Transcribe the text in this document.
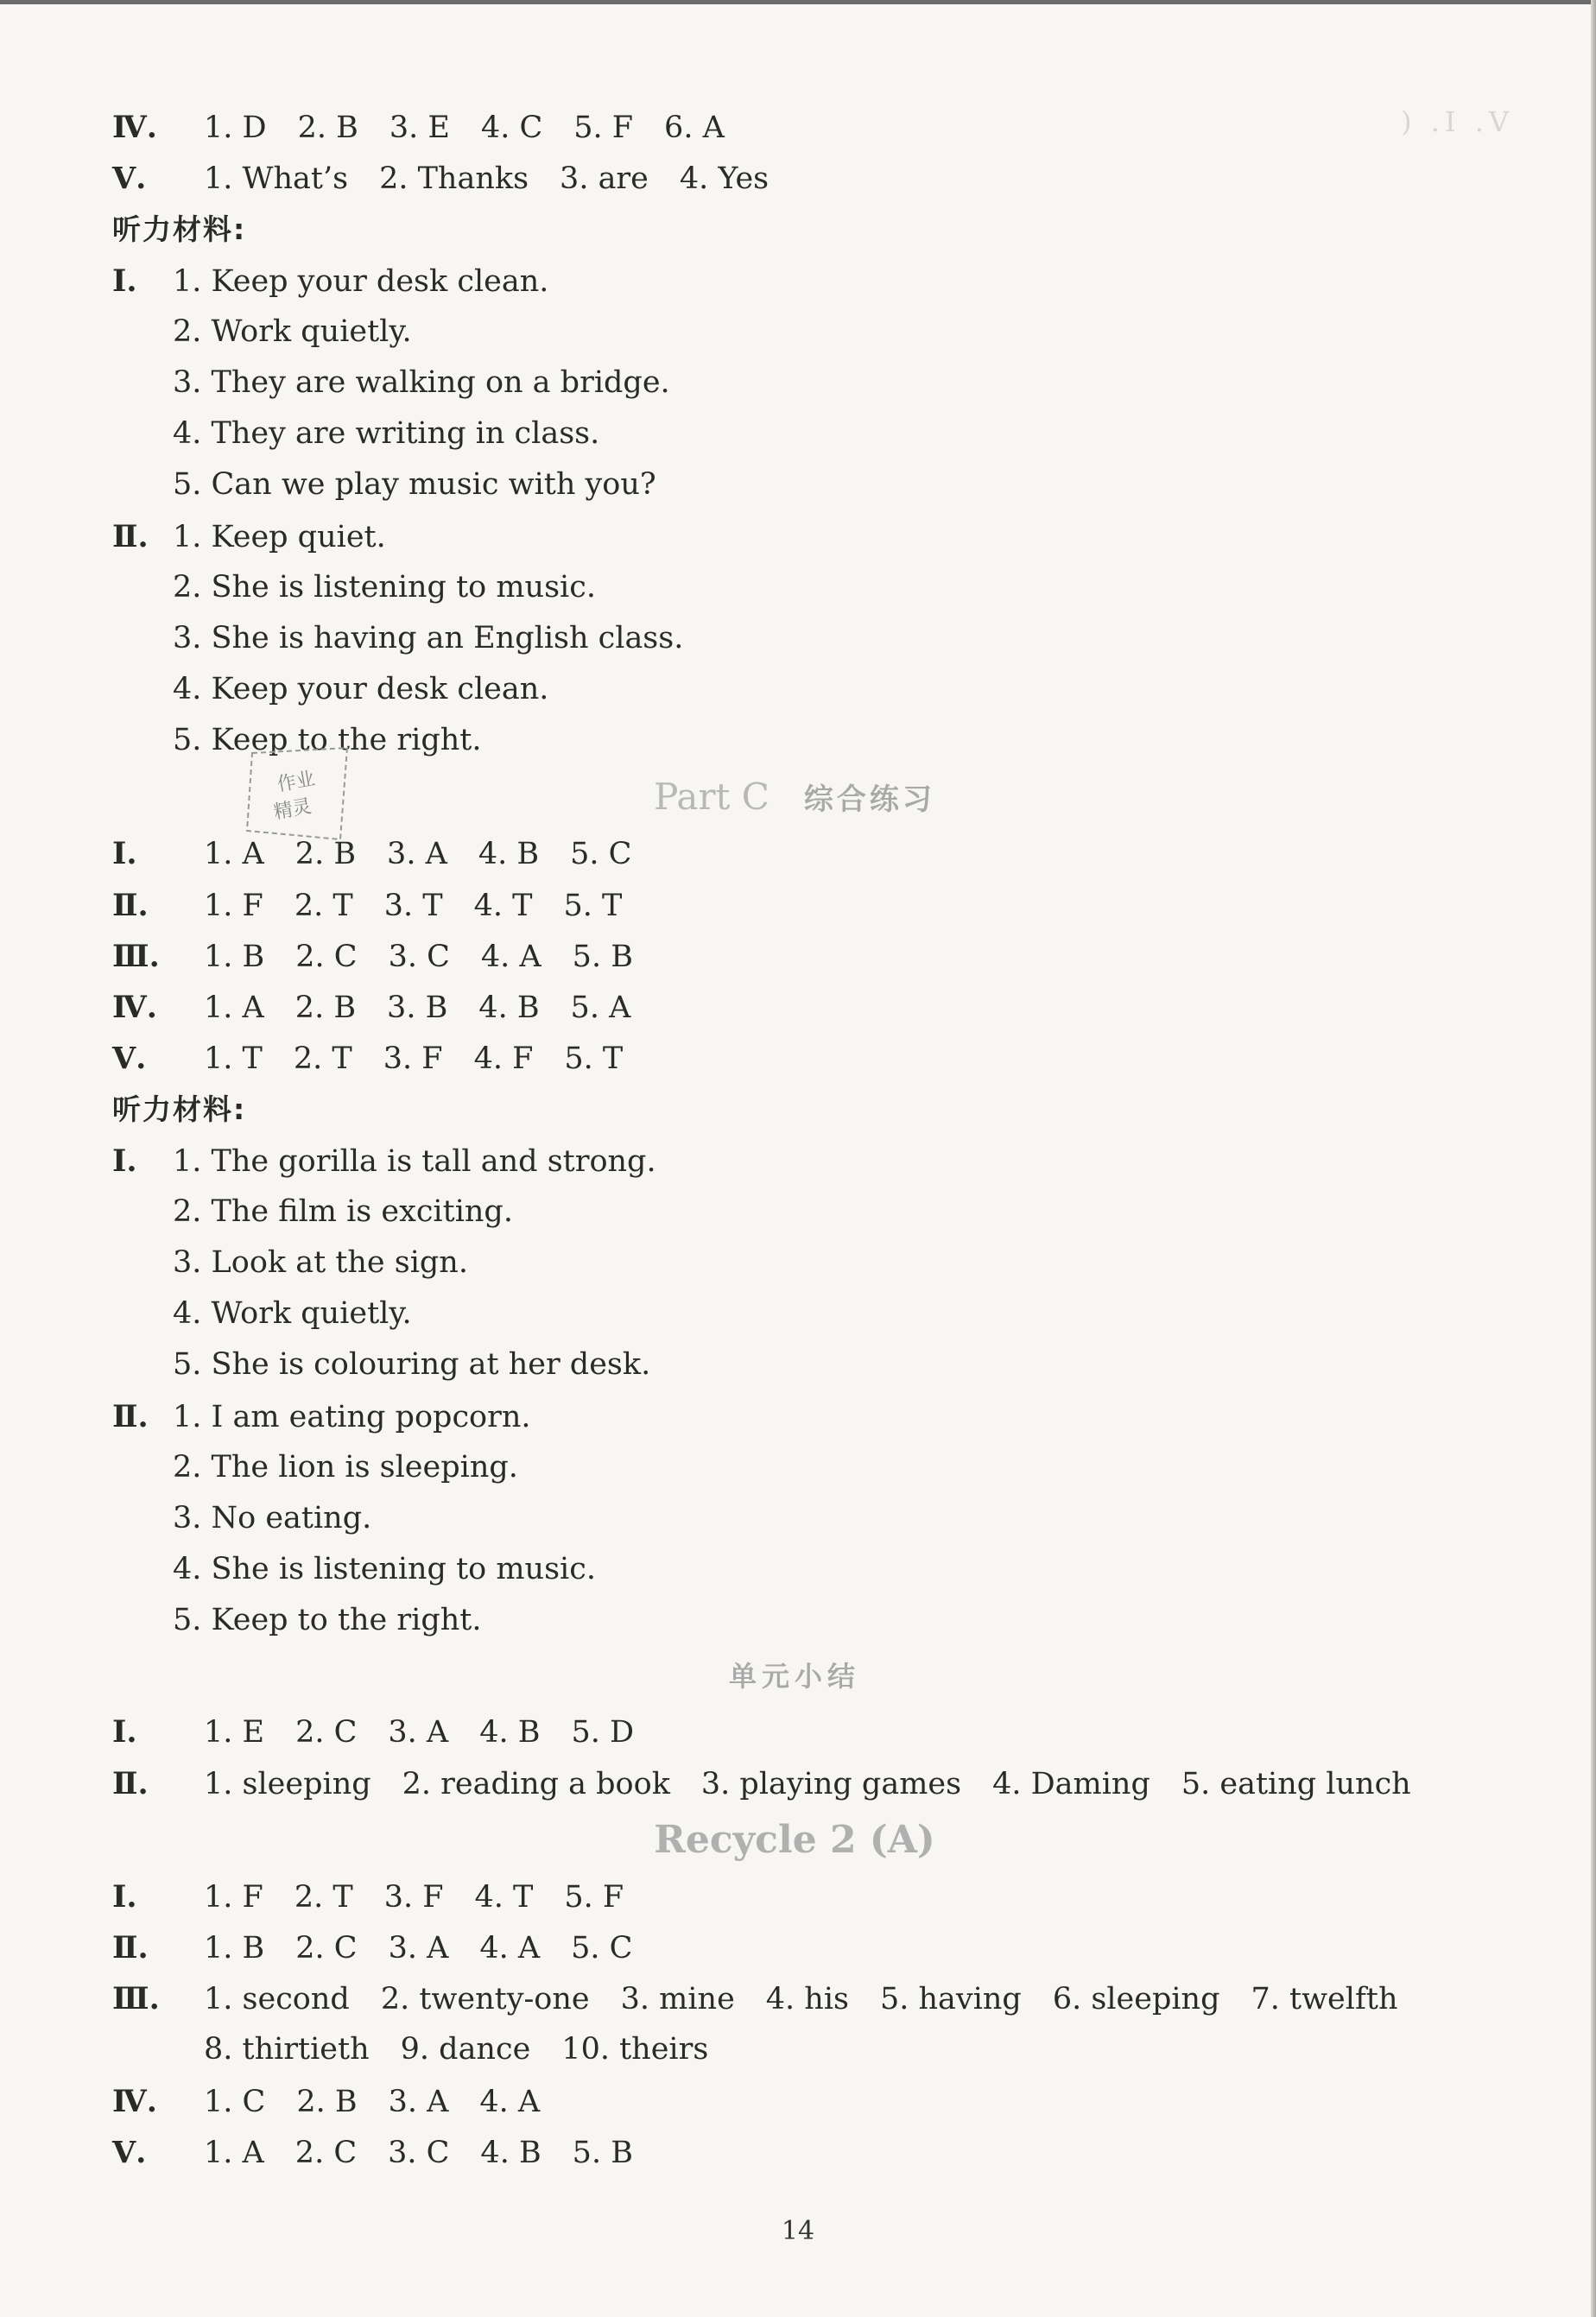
) .I .V
Ⅳ. 1. D 2. B 3. E 4. C 5. F 6. A
Ⅴ. 1. What’s 2. Thanks 3. are 4. Yes
听力材料:
Ⅰ. 1. Keep your desk clean.
2. Work quietly.
3. They are walking on a bridge.
4. They are writing in class.
5. Can we play music with you?
Ⅱ. 1. Keep quiet.
2. She is listening to music.
3. She is having an English class.
4. Keep your desk clean.
5. Keep to the right.
Part C 综合练习
Ⅰ. 1. A 2. B 3. A 4. B 5. C
Ⅱ. 1. F 2. T 3. T 4. T 5. T
Ⅲ. 1. B 2. C 3. C 4. A 5. B
Ⅳ. 1. A 2. B 3. B 4. B 5. A
Ⅴ. 1. T 2. T 3. F 4. F 5. T
听力材料:
Ⅰ. 1. The gorilla is tall and strong.
2. The film is exciting.
3. Look at the sign.
4. Work quietly.
5. She is colouring at her desk.
Ⅱ. 1. I am eating popcorn.
2. The lion is sleeping.
3. No eating.
4. She is listening to music.
5. Keep to the right.
单元小结
Ⅰ. 1. E 2. C 3. A 4. B 5. D
Ⅱ. 1. sleeping 2. reading a book 3. playing games 4. Daming 5. eating lunch
Recycle 2 (A)
Ⅰ. 1. F 2. T 3. F 4. T 5. F
Ⅱ. 1. B 2. C 3. A 4. A 5. C
Ⅲ. 1. second 2. twenty-one 3. mine 4. his 5. having 6. sleeping 7. twelfth
8. thirtieth 9. dance 10. theirs
Ⅳ. 1. C 2. B 3. A 4. A
Ⅴ. 1. A 2. C 3. C 4. B 5. B
作业
精灵
14
